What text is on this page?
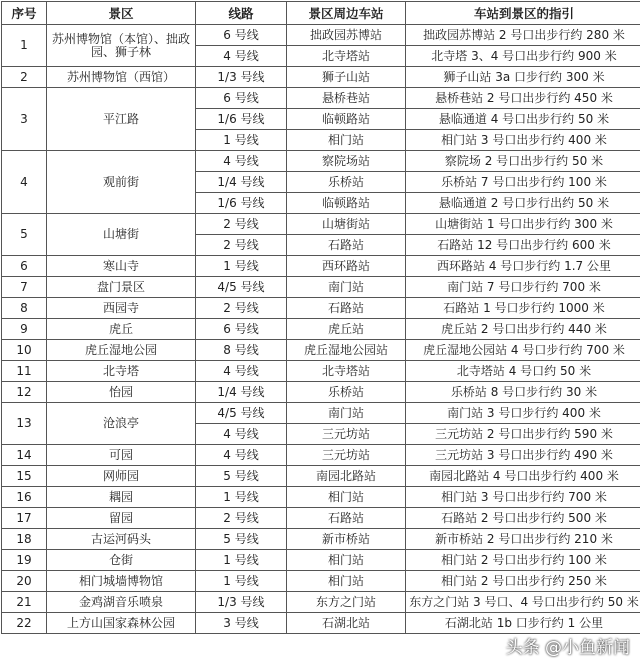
序号	景区	线路	景区周边车站	车站到景区的指引
1	苏州博物馆（本馆）、拙政园、狮子林	6 号线	拙政园苏博站	拙政园苏博站 2 号口出步行约 280 米
		4 号线	北寺塔站	北寺塔 3、4 号口出步行约 900 米
2	苏州博物馆（西馆）	1/3 号线	狮子山站	狮子山站 3a 口步行约 300 米
3	平江路	6 号线	悬桥巷站	悬桥巷站 2 号口出步行约 450 米
		1/6 号线	临顿路站	悬临通道 4 号口出步行约 50 米
		1 号线	相门站	相门站 3 号口出步行约 400 米
4	观前街	4 号线	察院场站	察院场 2 号口出步行约 50 米
		1/4 号线	乐桥站	乐桥站 7 号口出步行约 100 米
		1/6 号线	临顿路站	悬临通道 2 号口步行出约 50 米
5	山塘街	2 号线	山塘街站	山塘街站 1 号口出步行约 300 米
		2 号线	石路站	石路站 12 号口出步行约 600 米
6	寒山寺	1 号线	西环路站	西环路站 4 号口步行约 1.7 公里
7	盘门景区	4/5 号线	南门站	南门站 7 号口步行约 700 米
8	西园寺	2 号线	石路站	石路站 1 号口步行约 1000 米
9	虎丘	6 号线	虎丘站	虎丘站 2 号口出步行约 440 米
10	虎丘湿地公园	8 号线	虎丘湿地公园站	虎丘湿地公园站 4 号口步行约 700 米
11	北寺塔	4 号线	北寺塔站	北寺塔站 4 号口约 50 米
12	怡园	1/4 号线	乐桥站	乐桥站 8 号口步行约 30 米
13	沧浪亭	4/5 号线	南门站	南门站 3 号口步行约 400 米
		4 号线	三元坊站	三元坊站 2 号口出步行约 590 米
14	可园	4 号线	三元坊站	三元坊站 3 号口出步行约 490 米
15	网师园	5 号线	南园北路站	南园北路站 4 号口出步行约 400 米
16	耦园	1 号线	相门站	相门站 3 号口出步行约 700 米
17	留园	2 号线	石路站	石路站 2 号口出步行约 500 米
18	古运河码头	5 号线	新市桥站	新市桥站 2 号口出步行约 210 米
19	仓街	1 号线	相门站	相门站 2 号口出步行约 100 米
20	相门城墙博物馆	1 号线	相门站	相门站 2 号口出步行约 250 米
21	金鸡湖音乐喷泉	1/3 号线	东方之门站	东方之门站 3 号口、4 号口出步行约 50 米
22	上方山国家森林公园	3 号线	石湖北站	石湖北站 1b 口步行约 1 公里
头条 @小鱼新闻
